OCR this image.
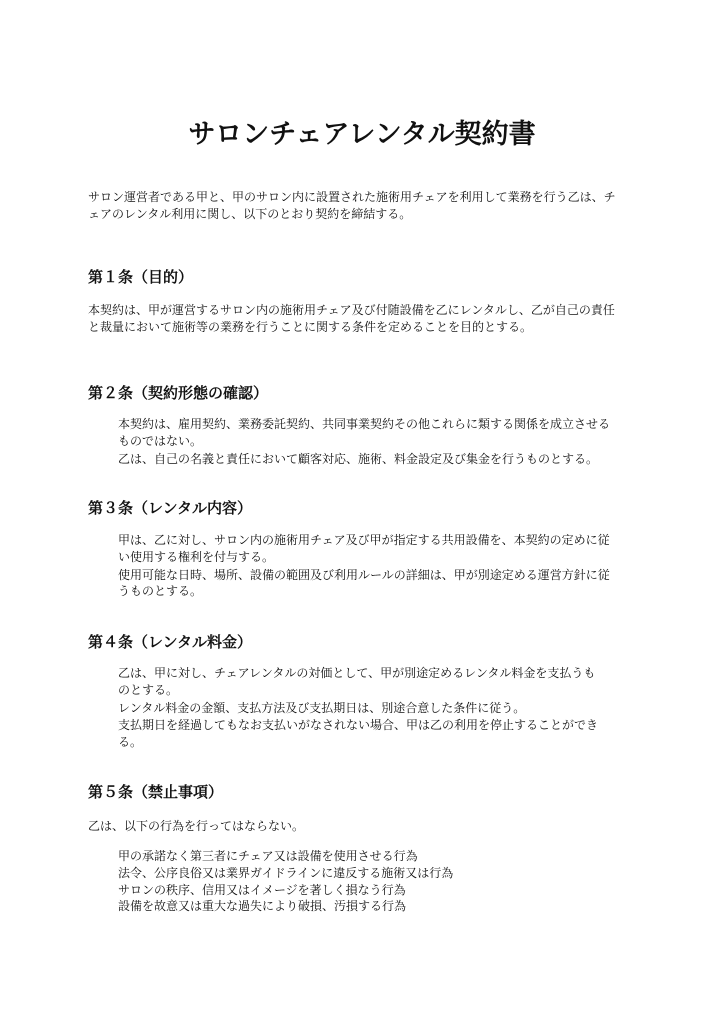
サロンチェアレンタル契約書
サロン運営者である甲と、甲のサロン内に設置された施術用チェアを利用して業務を行う乙は、チ
ェアのレンタル利用に関し、以下のとおり契約を締結する。
第１条（目的）
本契約は、甲が運営するサロン内の施術用チェア及び付随設備を乙にレンタルし、乙が自己の責任
と裁量において施術等の業務を行うことに関する条件を定めることを目的とする。
第２条（契約形態の確認）
本契約は、雇用契約、業務委託契約、共同事業契約その他これらに類する関係を成立させる
ものではない。
乙は、自己の名義と責任において顧客対応、施術、料金設定及び集金を行うものとする。
第３条（レンタル内容）
甲は、乙に対し、サロン内の施術用チェア及び甲が指定する共用設備を、本契約の定めに従
い使用する権利を付与する。
使用可能な日時、場所、設備の範囲及び利用ルールの詳細は、甲が別途定める運営方針に従
うものとする。
第４条（レンタル料金）
乙は、甲に対し、チェアレンタルの対価として、甲が別途定めるレンタル料金を支払うも
のとする。
レンタル料金の金額、支払方法及び支払期日は、別途合意した条件に従う。
支払期日を経過してもなお支払いがなされない場合、甲は乙の利用を停止することができ
る。
第５条（禁止事項）
乙は、以下の行為を行ってはならない。
甲の承諾なく第三者にチェア又は設備を使用させる行為
法令、公序良俗又は業界ガイドラインに違反する施術又は行為
サロンの秩序、信用又はイメージを著しく損なう行為
設備を故意又は重大な過失により破損、汚損する行為
